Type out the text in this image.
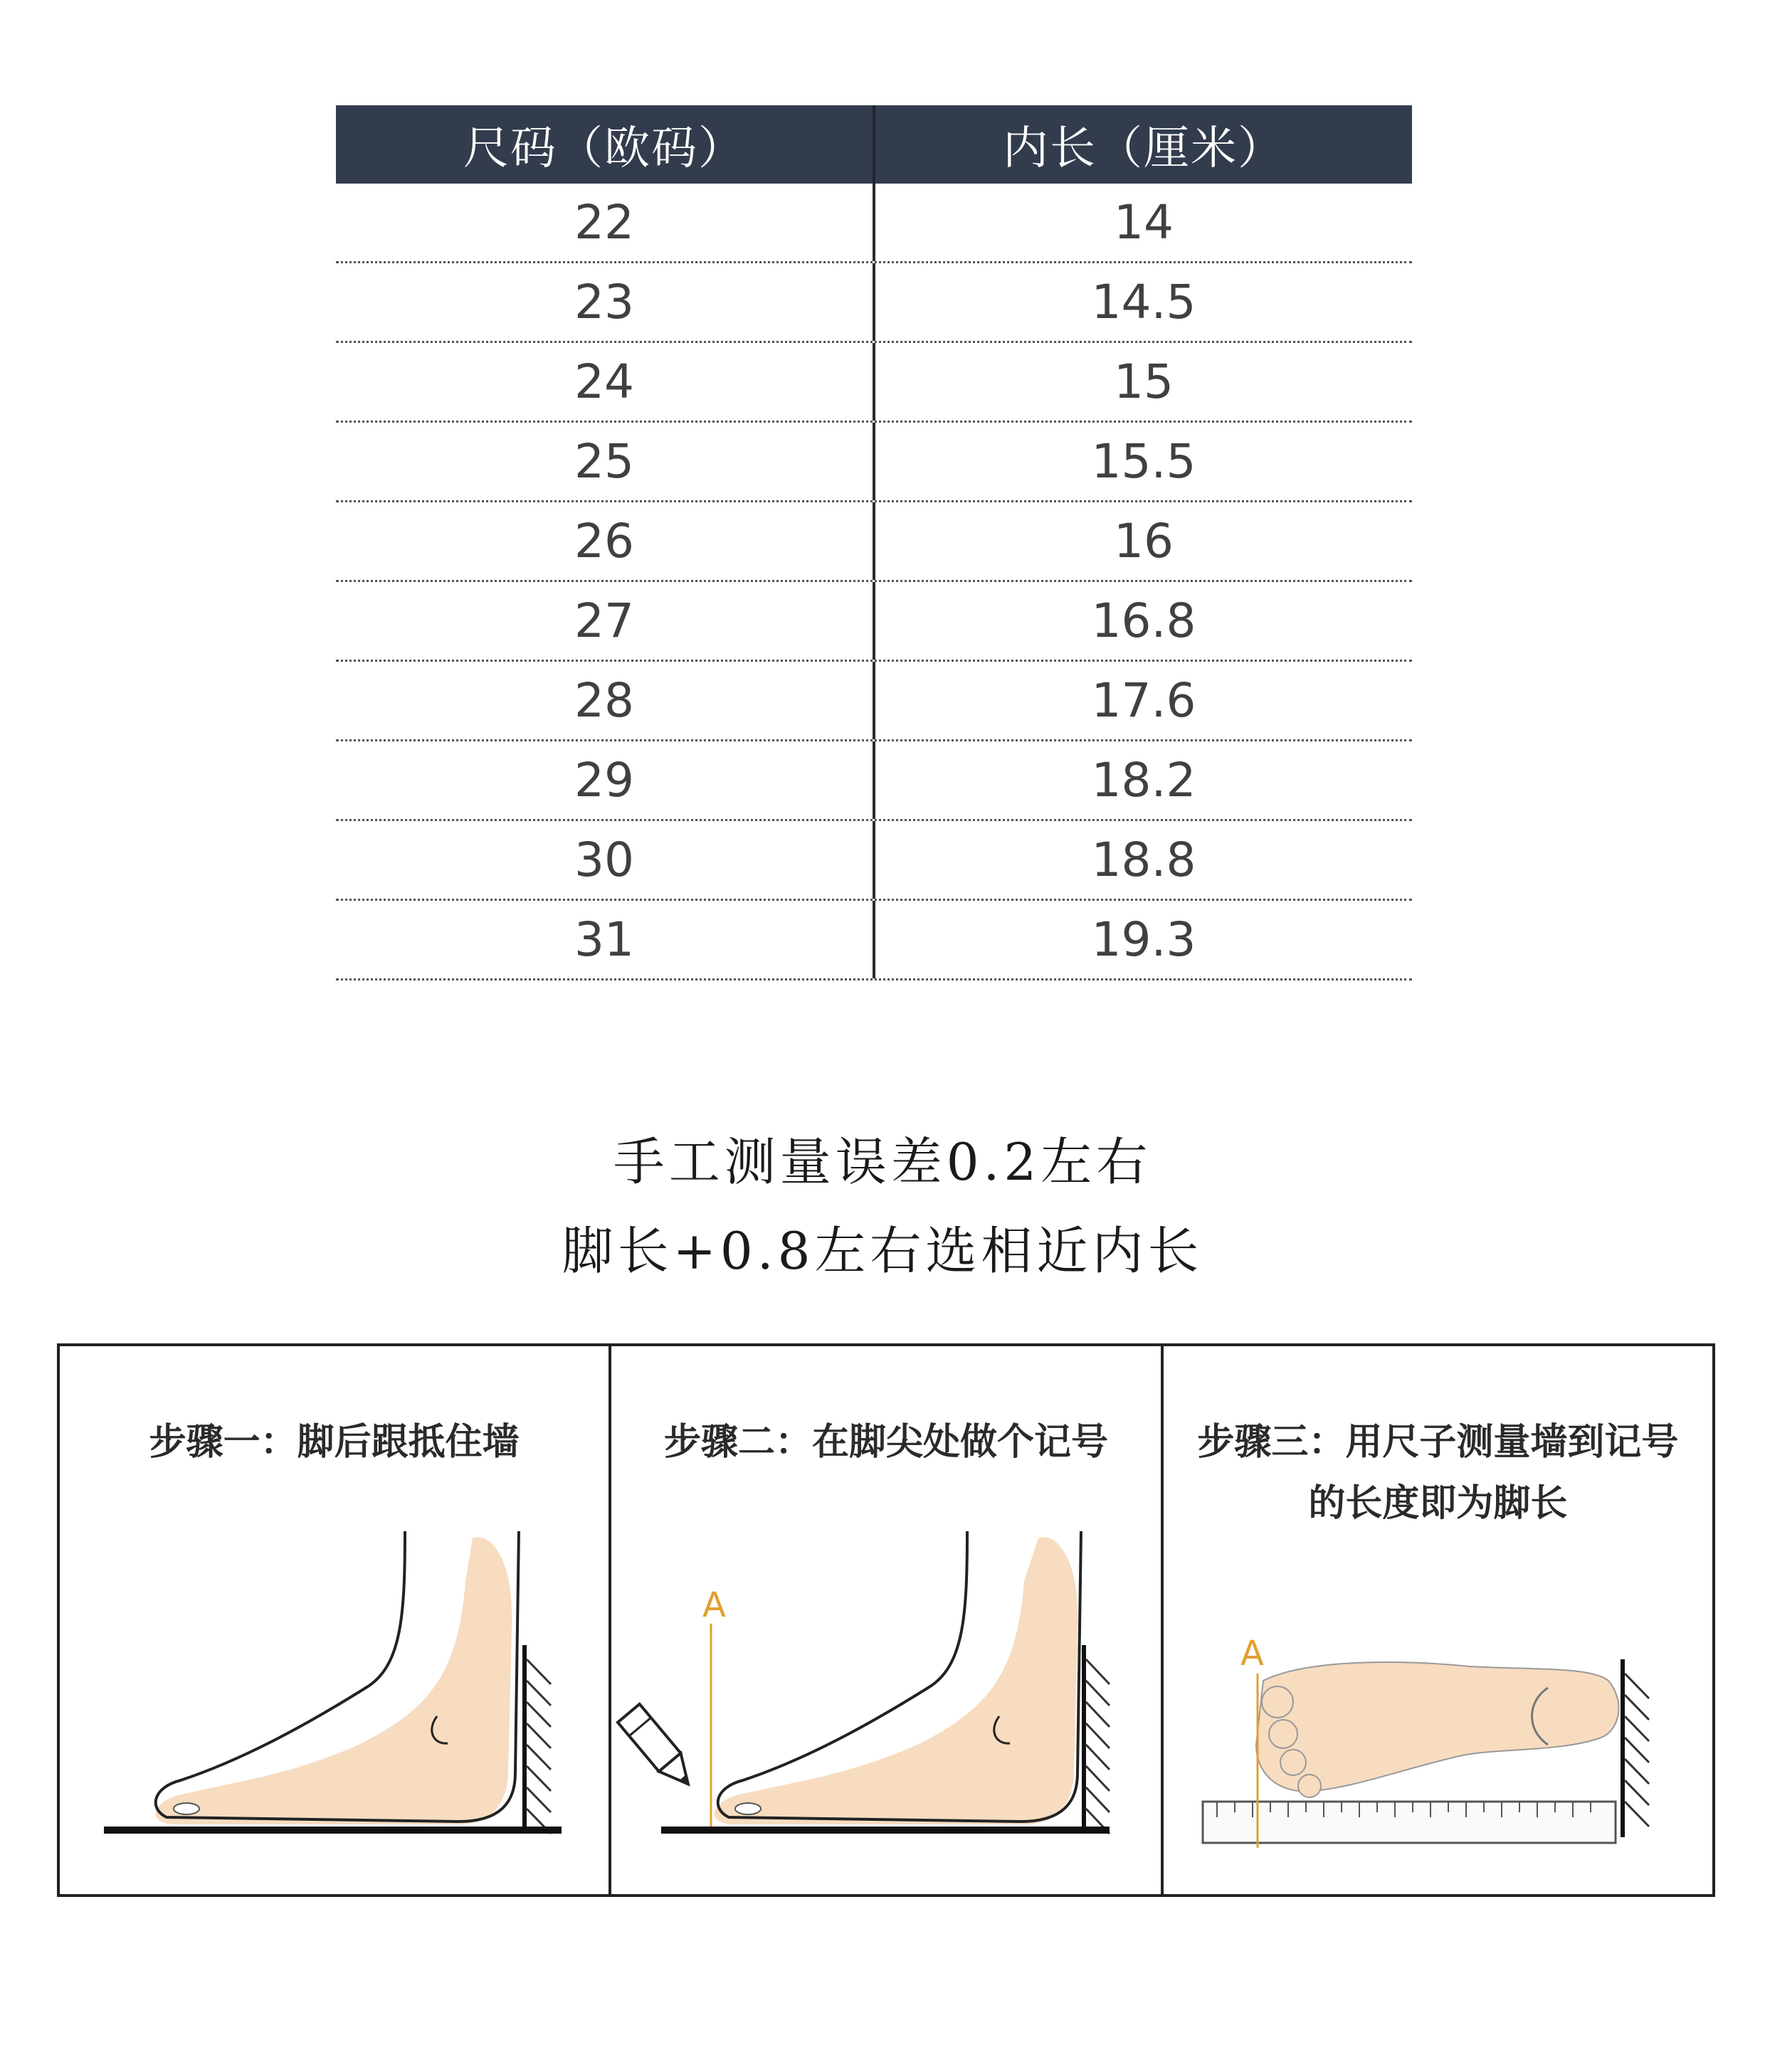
尺码（欧码）	内长（厘米）
22	14
23	14.5
24	15
25	15.5
26	16
27	16.8
28	17.6
29	18.2
30	18.8
31	19.3
手工测量误差0.2左右
脚长+0.8左右选相近内长
步骤一：脚后跟抵住墙	步骤二：在脚尖处做个记号
A
步骤三：用尺子测量墙到记号
的长度即为脚长
A
